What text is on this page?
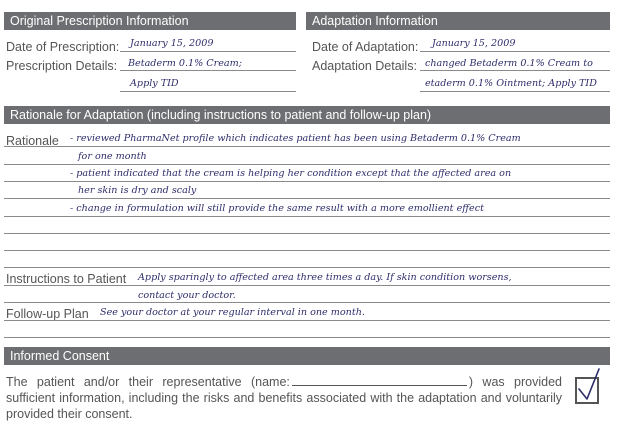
Original Prescription Information
Date of Prescription: January 15, 2009
Prescription Details: Betaderm 0.1% Cream;
Apply TID
Adaptation Information
Date of Adaptation: January 15, 2009
Adaptation Details: changed Betaderm 0.1% Cream to
etaderm 0.1% Ointment; Apply TID
Rationale for Adaptation (including instructions to patient and follow-up plan)
Rationale - reviewed PharmaNet profile which indicates patient has been using Betaderm 0.1% Cream
for one month
- patient indicated that the cream is helping her condition except that the affected area on
her skin is dry and scaly
- change in formulation will still provide the same result with a more emollient effect
Instructions to Patient Apply sparingly to affected area three times a day. If skin condition worsens,
contact your doctor.
Follow-up Plan See your doctor at your regular interval in one month.
Informed Consent
The patient and/or their representative (name:	) was provided sufficient information, including the risks and benefits associated with the adaptation and voluntarily provided their consent.
